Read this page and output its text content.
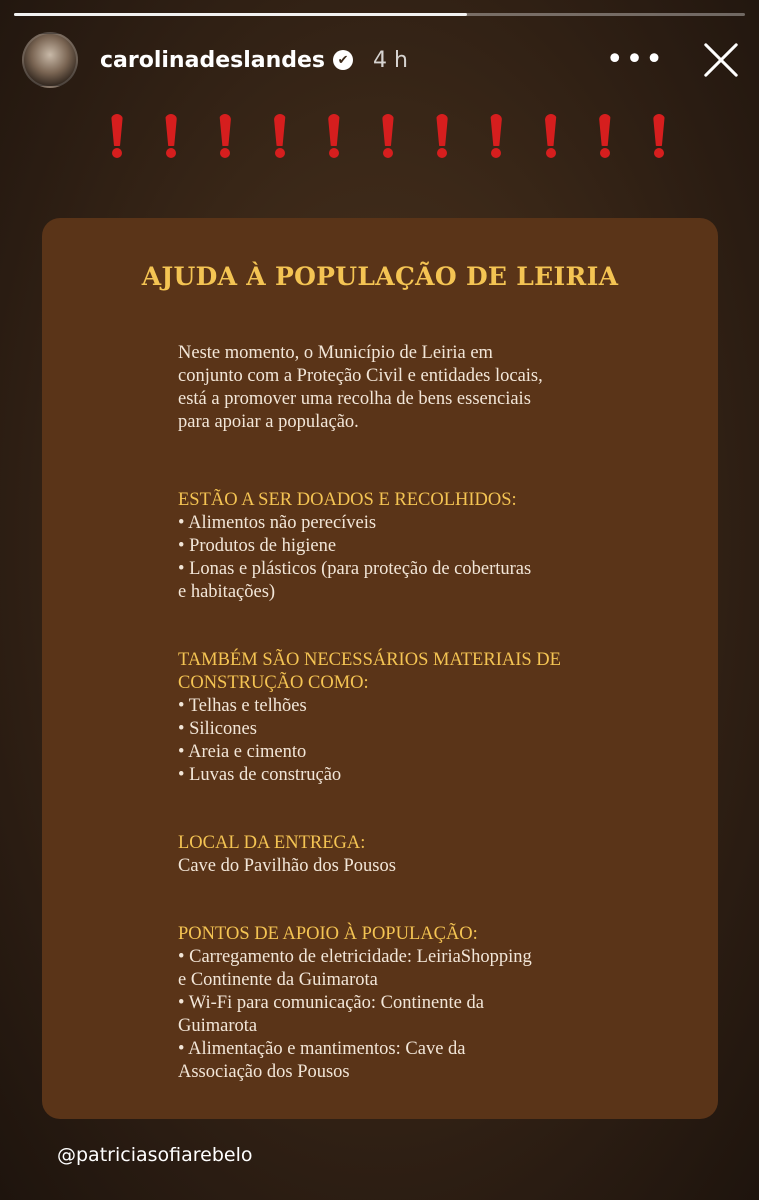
carolinadeslandes ✔ 4 h	•••
AJUDA À POPULAÇÃO DE LEIRIA
Neste momento, o Município de Leiria em
conjunto com a Proteção Civil e entidades locais,
está a promover uma recolha de bens essenciais
para apoiar a população.
ESTÃO A SER DOADOS E RECOLHIDOS:
• Alimentos não perecíveis
• Produtos de higiene
• Lonas e plásticos (para proteção de coberturas
e habitações)
TAMBÉM SÃO NECESSÁRIOS MATERIAIS DE
CONSTRUÇÃO COMO:
• Telhas e telhões
• Silicones
• Areia e cimento
• Luvas de construção
LOCAL DA ENTREGA:
Cave do Pavilhão dos Pousos
PONTOS DE APOIO À POPULAÇÃO:
• Carregamento de eletricidade: LeiriaShopping
e Continente da Guimarota
• Wi-Fi para comunicação: Continente da
Guimarota
• Alimentação e mantimentos: Cave da
Associação dos Pousos
@patriciasofiarebelo
